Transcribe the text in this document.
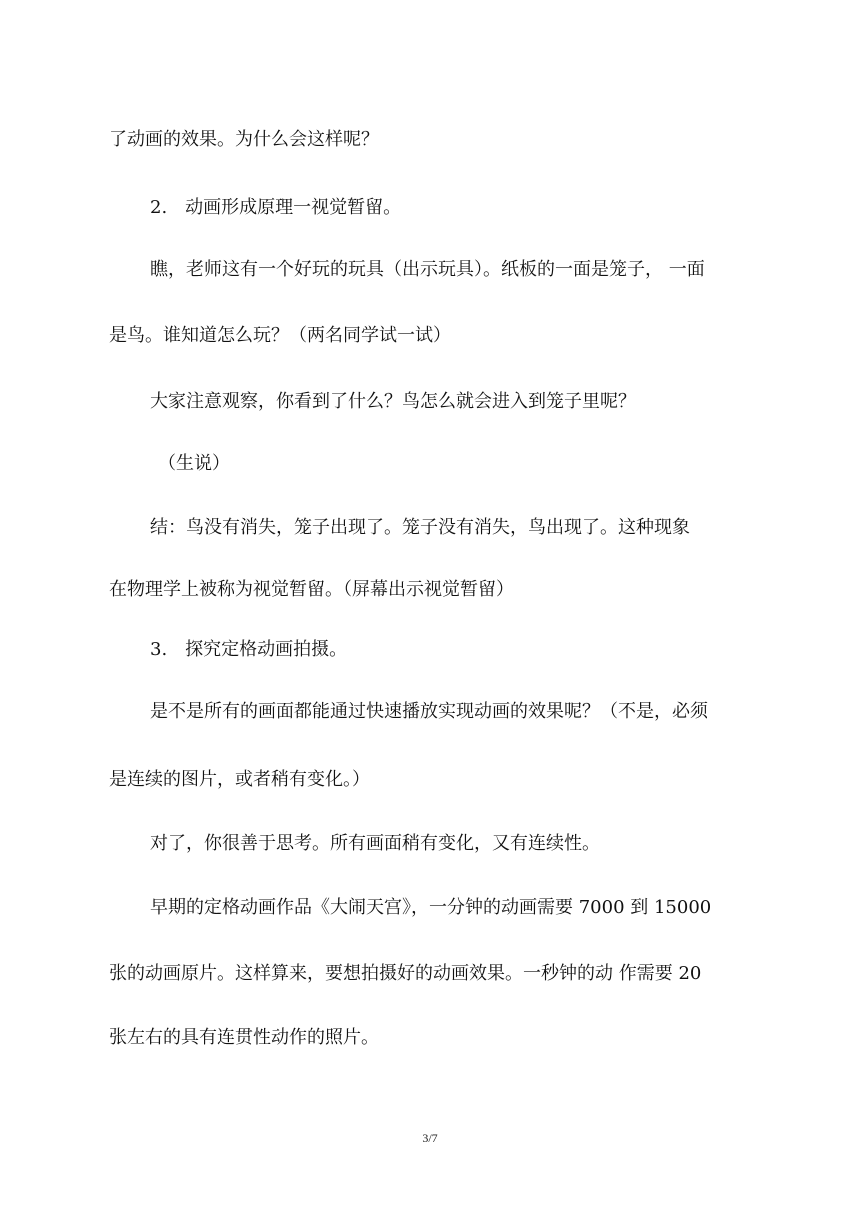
了动画的效果。为什么会这样呢？
2.　动画形成原理一视觉暂留。
瞧，老师这有一个好玩的玩具（出示玩具）。纸板的一面是笼子， 一面
是鸟。谁知道怎么玩？（两名同学试一试）
大家注意观察，你看到了什么？鸟怎么就会进入到笼子里呢？
（生说）
结：鸟没有消失，笼子出现了。笼子没有消失，鸟出现了。这种现象
在物理学上被称为视觉暂留。（屏幕出示视觉暂留）
3.　探究定格动画拍摄。
是不是所有的画面都能通过快速播放实现动画的效果呢？（不是，必须
是连续的图片，或者稍有变化。）
对了，你很善于思考。所有画面稍有变化，又有连续性。
早期的定格动画作品《大闹天宫》，一分钟的动画需要 7000 到 15000
张的动画原片。这样算来，要想拍摄好的动画效果。一秒钟的动 作需要 20
张左右的具有连贯性动作的照片。
3/7
